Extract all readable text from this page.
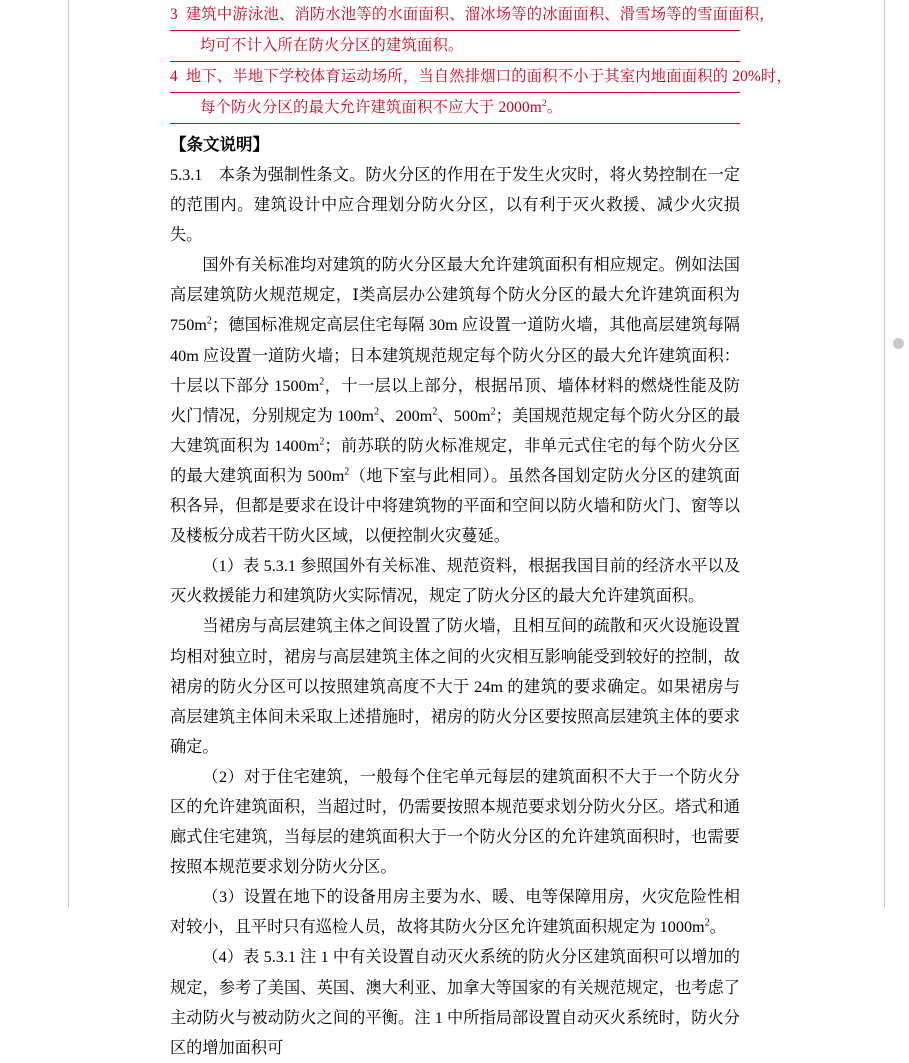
3 建筑中游泳池、消防水池等的水面面积、溜冰场等的冰面面积、滑雪场等的雪面面积，
均可不计入所在防火分区的建筑面积。
4 地下、半地下学校体育运动场所，当自然排烟口的面积不小于其室内地面面积的 20%时，
每个防火分区的最大允许建筑面积不应大于 $2000m^2$。
【条文说明】

5.3.1　本条为强制性条文。防火分区的作用在于发生火灾时，将火势控制在一定的范围内。建筑设计中应合理划分防火分区，以有利于灭火救援、减少火灾损失。

国外有关标准均对建筑的防火分区最大允许建筑面积有相应规定。例如法国高层建筑防火规范规定，Ⅰ类高层办公建筑每个防火分区的最大允许建筑面积为 $750m^2$；德国标准规定高层住宅每隔 30m 应设置一道防火墙，其他高层建筑每隔 40m 应设置一道防火墙；日本建筑规范规定每个防火分区的最大允许建筑面积：十层以下部分 $1500m^2$，十一层以上部分，根据吊顶、墙体材料的燃烧性能及防火门情况，分别规定为 $100m^2$、$200m^2$、$500m^2$；美国规范规定每个防火分区的最大建筑面积为 $1400m^2$；前苏联的防火标准规定，非单元式住宅的每个防火分区的最大建筑面积为 $500m^2$（地下室与此相同）。虽然各国划定防火分区的建筑面积各异，但都是要求在设计中将建筑物的平面和空间以防火墙和防火门、窗等以及楼板分成若干防火区域，以便控制火灾蔓延。

（1）表 5.3.1 参照国外有关标准、规范资料，根据我国目前的经济水平以及灭火救援能力和建筑防火实际情况，规定了防火分区的最大允许建筑面积。

当裙房与高层建筑主体之间设置了防火墙，且相互间的疏散和灭火设施设置均相对独立时，裙房与高层建筑主体之间的火灾相互影响能受到较好的控制，故裙房的防火分区可以按照建筑高度不大于 24m 的建筑的要求确定。如果裙房与高层建筑主体间未采取上述措施时，裙房的防火分区要按照高层建筑主体的要求确定。

（2）对于住宅建筑，一般每个住宅单元每层的建筑面积不大于一个防火分区的允许建筑面积，当超过时，仍需要按照本规范要求划分防火分区。塔式和通廊式住宅建筑，当每层的建筑面积大于一个防火分区的允许建筑面积时，也需要按照本规范要求划分防火分区。

（3）设置在地下的设备用房主要为水、暖、电等保障用房，火灾危险性相对较小，且平时只有巡检人员，故将其防火分区允许建筑面积规定为 $1000m^2$。

（4）表 5.3.1 注 1 中有关设置自动灭火系统的防火分区建筑面积可以增加的规定，参考了美国、英国、澳大利亚、加拿大等国家的有关规范规定，也考虑了主动防火与被动防火之间的平衡。注 1 中所指局部设置自动灭火系统时，防火分区的增加面积可
